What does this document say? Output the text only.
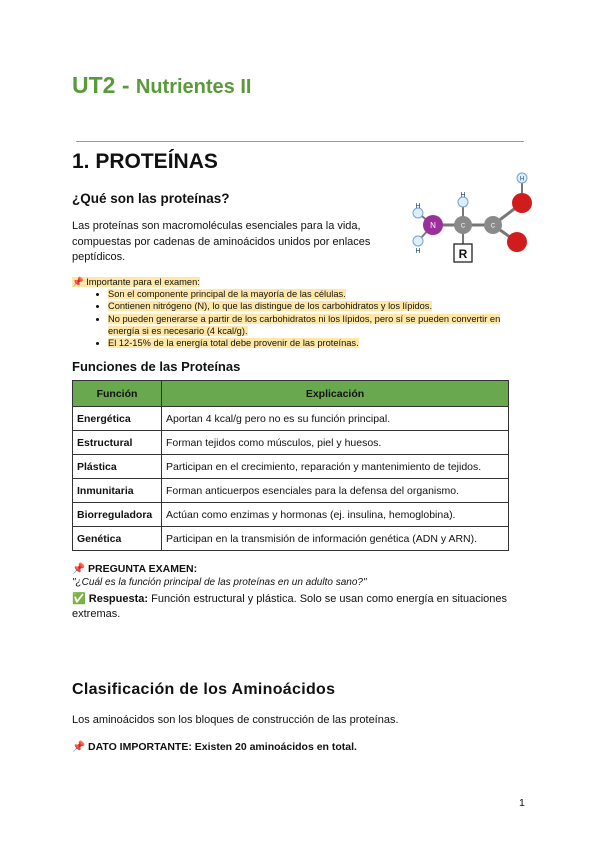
UT2 - Nutrientes II
1. PROTEÍNAS
¿Qué son las proteínas?
Las proteínas son macromoléculas esenciales para la vida, compuestas por cadenas de aminoácidos unidos por enlaces peptídicos.
N	C	C
H
H
H
H
R
📌 Importante para el examen:
• Son el componente principal de la mayoría de las células.
• Contienen nitrógeno (N), lo que las distingue de los carbohidratos y los lípidos.
• No pueden generarse a partir de los carbohidratos ni los lípidos, pero sí se pueden convertir en energía si es necesario (4 kcal/g).
• El 12-15% de la energía total debe provenir de las proteínas.
Funciones de las Proteínas
Función	Explicación
Energética	Aportan 4 kcal/g pero no es su función principal.
Estructural	Forman tejidos como músculos, piel y huesos.
Plástica	Participan en el crecimiento, reparación y mantenimiento de tejidos.
Inmunitaria	Forman anticuerpos esenciales para la defensa del organismo.
Biorreguladora	Actúan como enzimas y hormonas (ej. insulina, hemoglobina).
Genética	Participan en la transmisión de información genética (ADN y ARN).
📌 PREGUNTA EXAMEN:
"¿Cuál es la función principal de las proteínas en un adulto sano?"
✅ Respuesta: Función estructural y plástica. Solo se usan como energía en situaciones extremas.
Clasificación de los Aminoácidos
Los aminoácidos son los bloques de construcción de las proteínas.
📌 DATO IMPORTANTE: Existen 20 aminoácidos en total.
1
